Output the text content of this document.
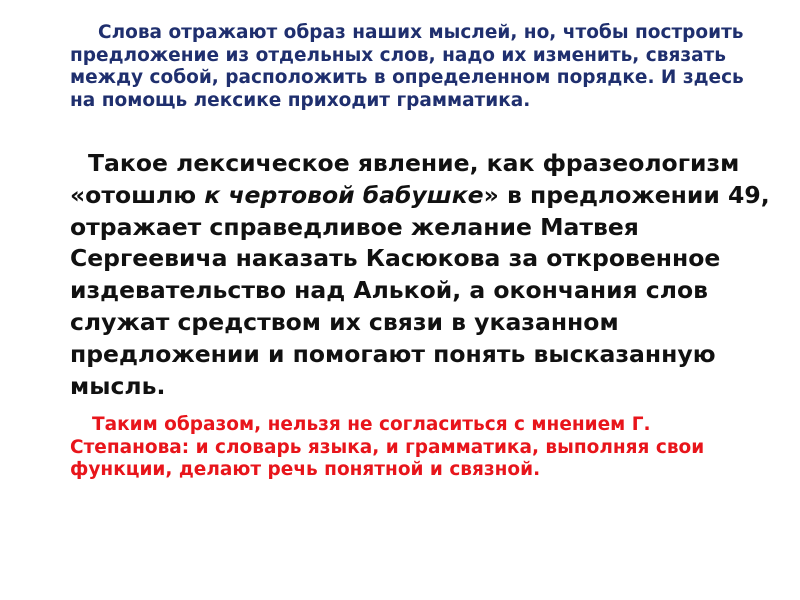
Слова отражают образ наших мыслей, но, чтобы построить предложение из отдельных слов, надо их изменить, связать между собой, расположить в определенном порядке. И здесь на помощь лексике приходит грамматика.

Такое лексическое явление, как фразеологизм «отошлю к чертовой бабушке» в предложении 49, отражает справедливое желание Матвея Сергеевича наказать Касюкова за откровенное издевательство над Алькой, а окончания слов служат средством их связи в указанном предложении и помогают понять высказанную мысль.

Таким образом, нельзя не согласиться с мнением Г. Степанова: и словарь языка, и грамматика, выполняя свои функции, делают речь понятной и связной.
